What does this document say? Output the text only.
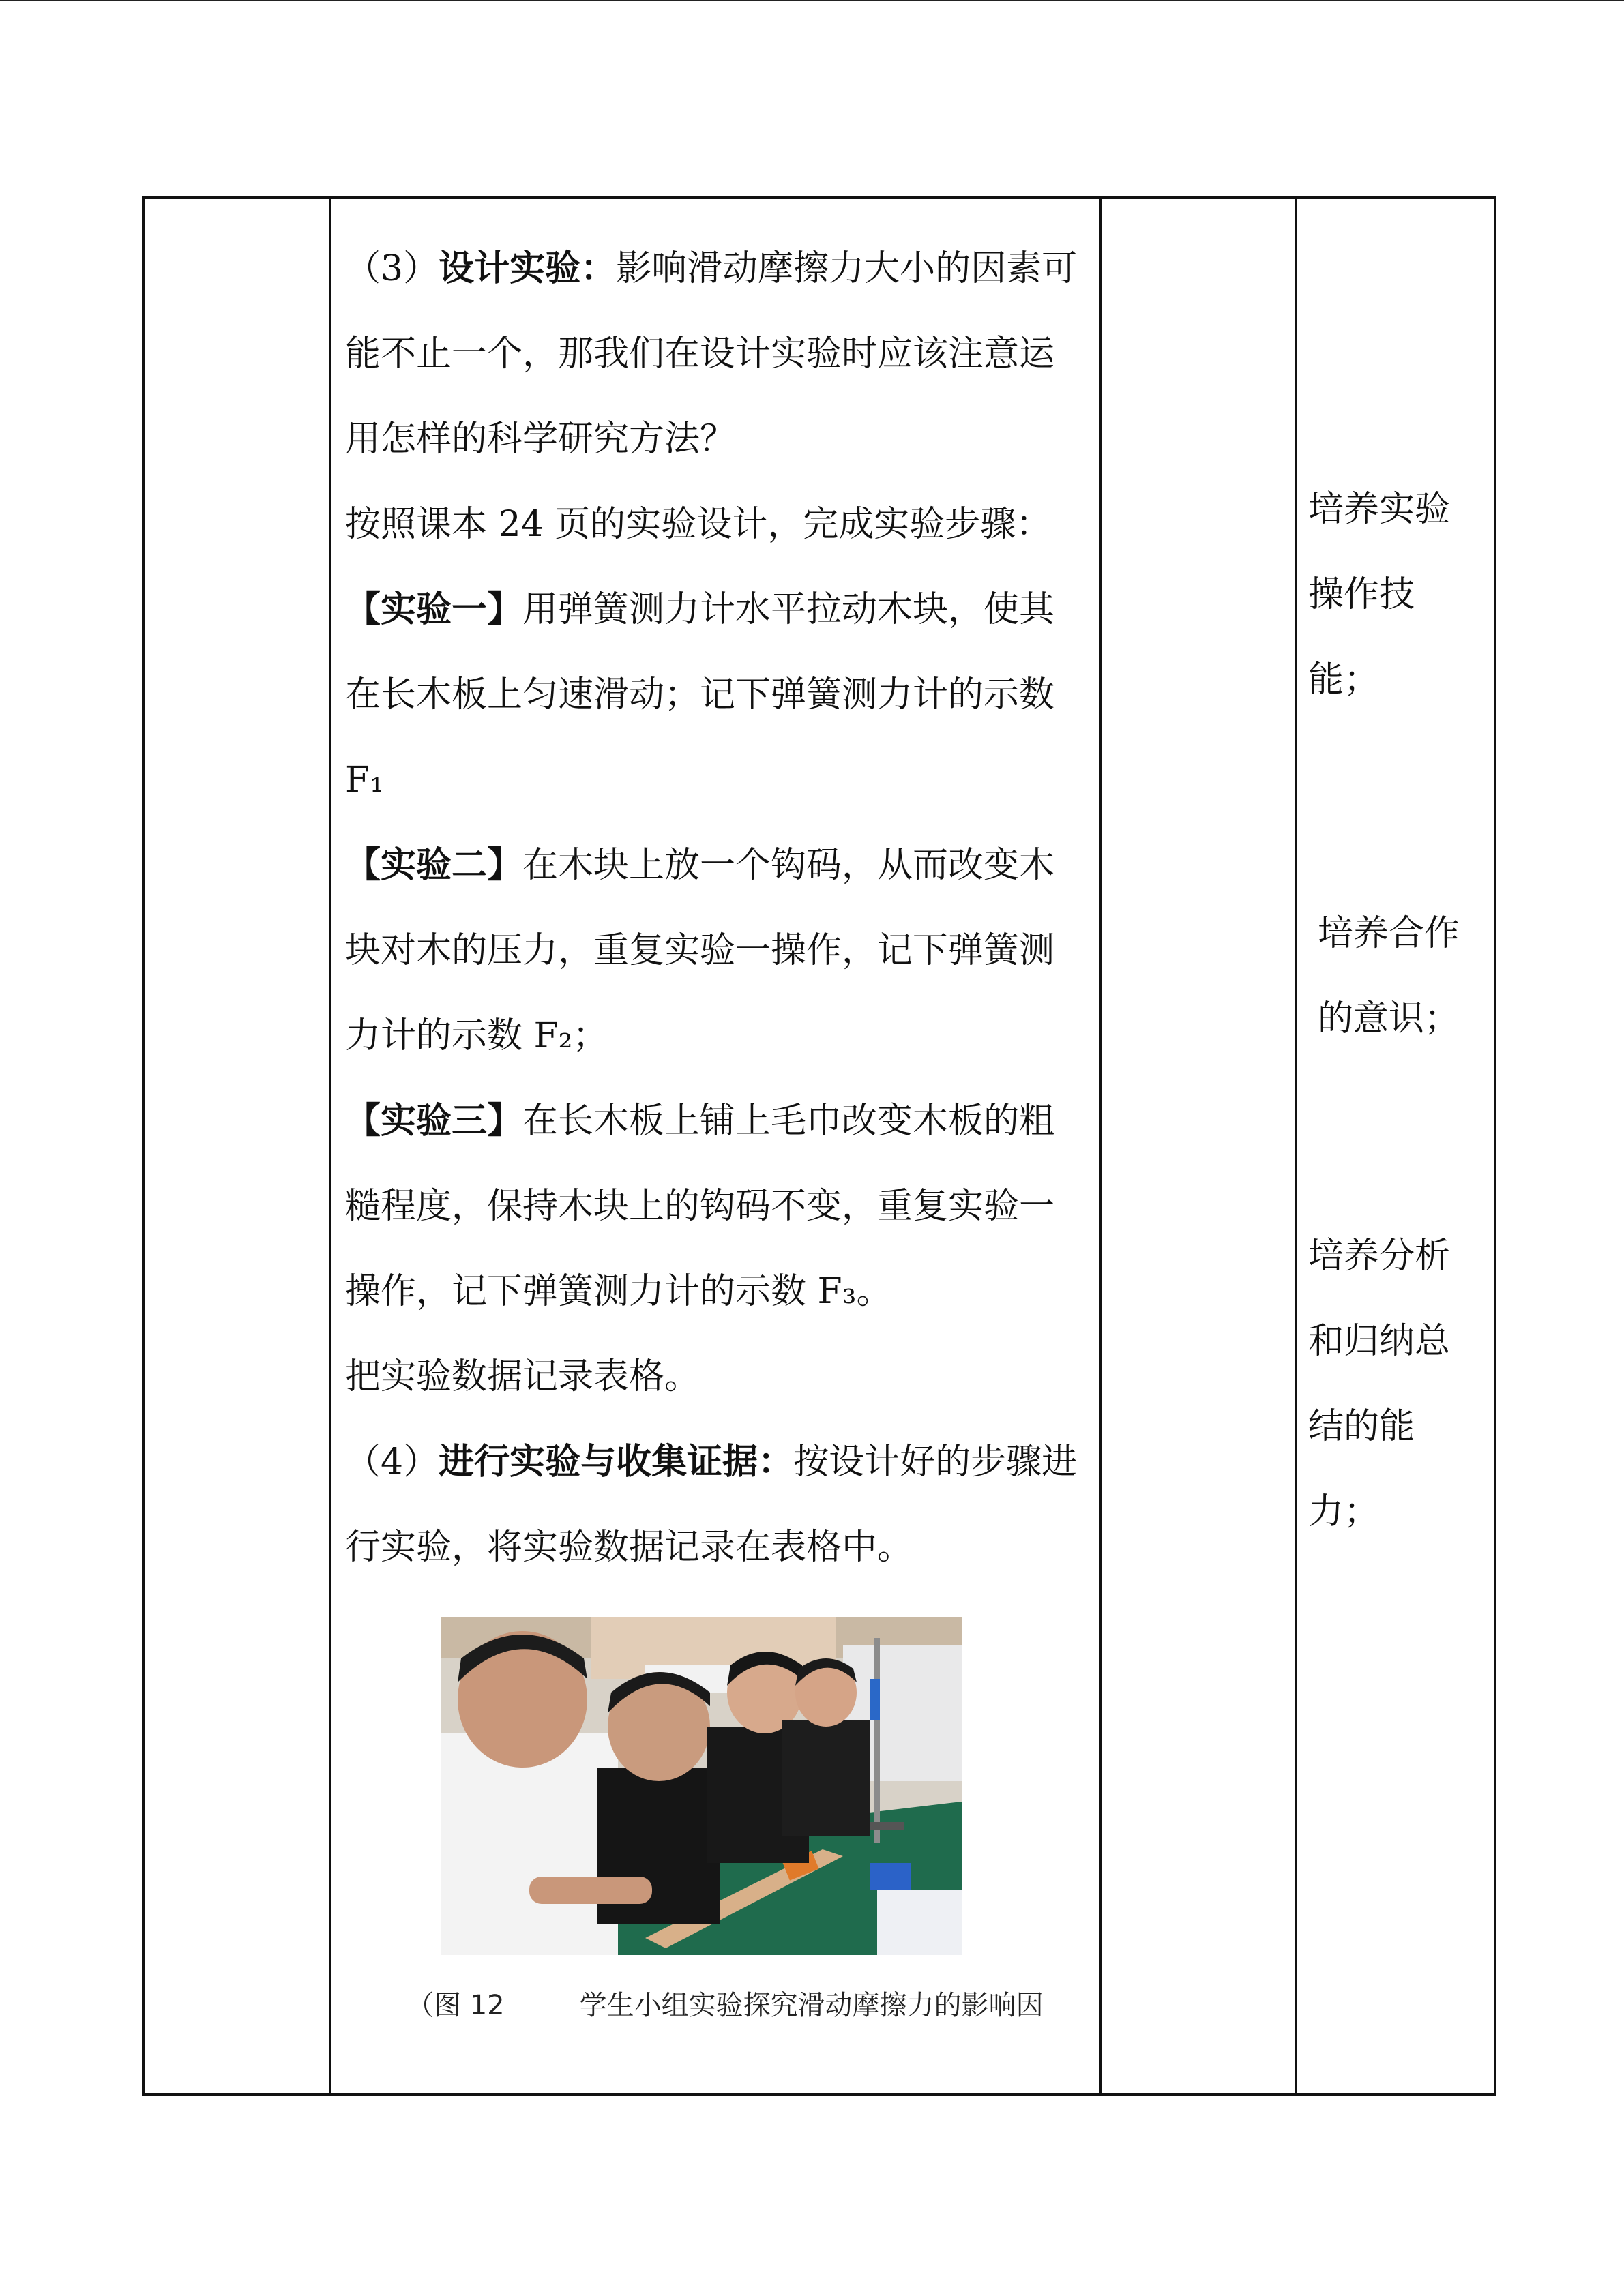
（3）设计实验：影响滑动摩擦力大小的因素可能不止一个，那我们在设计实验时应该注意运用怎样的科学研究方法？

按照课本 24 页的实验设计，完成实验步骤：

【实验一】用弹簧测力计水平拉动木块，使其在长木板上匀速滑动；记下弹簧测力计的示数 F₁

【实验二】在木块上放一个钩码，从而改变木块对木的压力，重复实验一操作，记下弹簧测力计的示数 F₂；

【实验三】在长木板上铺上毛巾改变木板的粗糙程度，保持木块上的钩码不变，重复实验一操作，记下弹簧测力计的示数 F₃。

把实验数据记录表格。

（4）进行实验与收集证据：按设计好的步骤进行实验，将实验数据记录在表格中。

（图 12	学生小组实验探究滑动摩擦力的影响因

培养实验
操作技
能；
培养合作
的意识；
培养分析
和归纳总
结的能
力；
